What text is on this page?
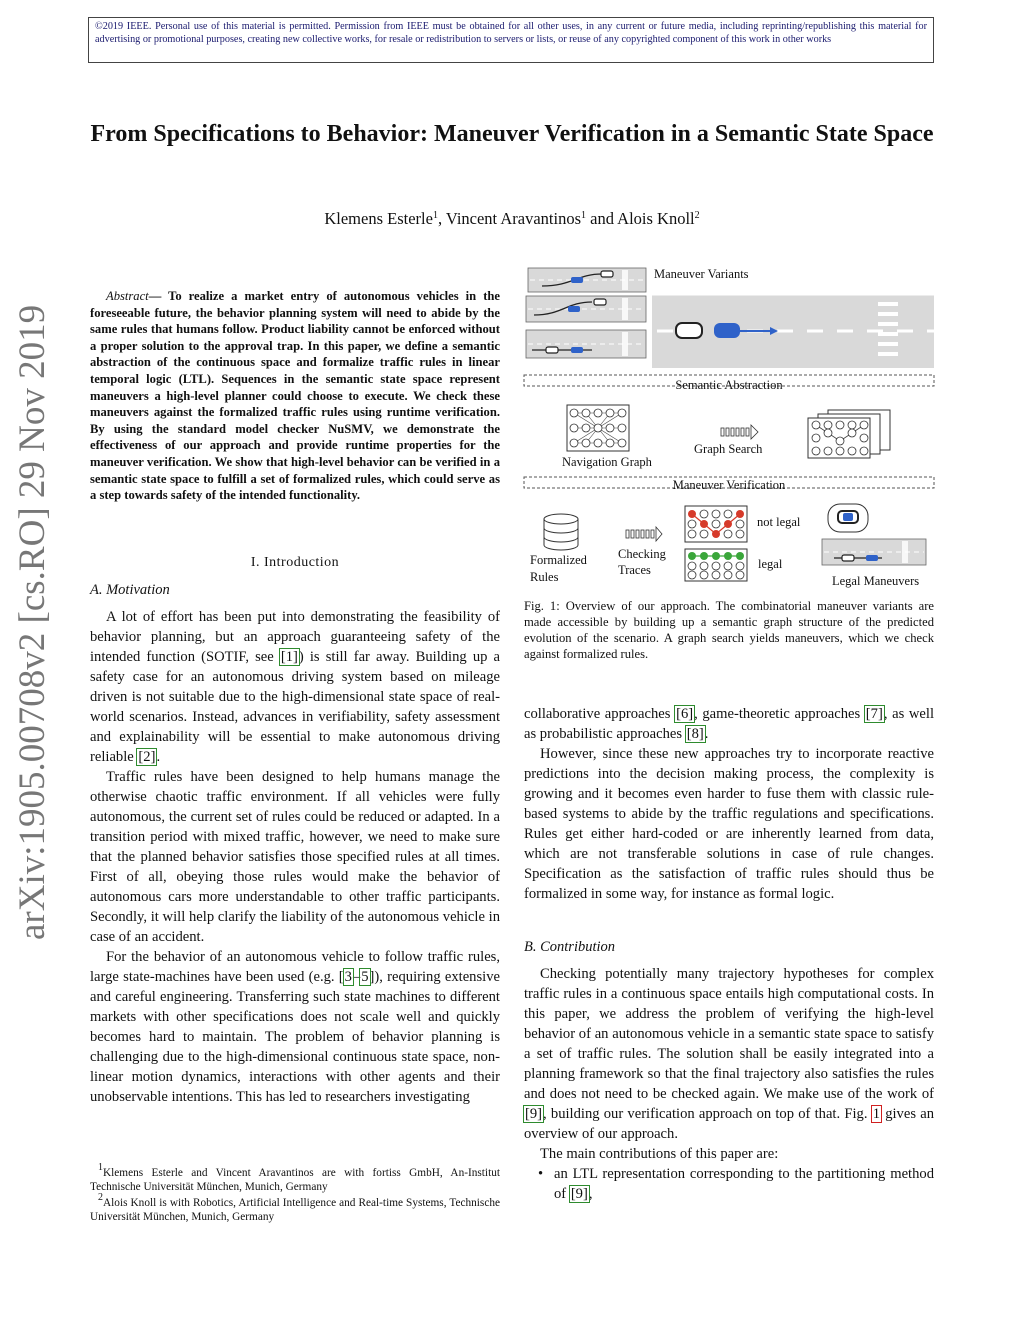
©2019 IEEE. Personal use of this material is permitted. Permission from IEEE must be obtained for all other uses, in any current or future media, including reprinting/republishing this material for advertising or promotional purposes, creating new collective works, for resale or redistribution to servers or lists, or reuse of any copyrighted component of this work in other works
arXiv:1905.00708v2 [cs.RO] 29 Nov 2019
From Specifications to Behavior: Maneuver Verification in a Semantic State Space
Klemens Esterle$^1$, Vincent Aravantinos$^1$ and Alois Knoll$^2$
Abstract— To realize a market entry of autonomous vehicles in the foreseeable future, the behavior planning system will need to abide by the same rules that humans follow. Product liability cannot be enforced without a proper solution to the approval trap. In this paper, we define a semantic abstraction of the continuous space and formalize traffic rules in linear temporal logic (LTL). Sequences in the semantic state space represent maneuvers a high-level planner could choose to execute. We check these maneuvers against the formalized traffic rules using runtime verification. By using the standard model checker NuSMV, we demonstrate the effectiveness of our approach and provide runtime properties for the maneuver verification. We show that high-level behavior can be verified in a semantic state space to fulfill a set of formalized rules, which could serve as a step towards safety of the intended functionality.
I. Introduction
A. Motivation

A lot of effort has been put into demonstrating the feasibility of behavior planning, but an approach guaranteeing safety of the intended function (SOTIF, see [1]) is still far away. Building up a safety case for an autonomous driving system based on mileage driven is not suitable due to the high-dimensional state space of real-world scenarios. Instead, advances in verifiability, safety assessment and explainability will be essential to make autonomous driving reliable [2].

Traffic rules have been designed to help humans manage the otherwise chaotic traffic environment. If all vehicles were fully autonomous, the current set of rules could be reduced or adapted. In a transition period with mixed traffic, however, we need to make sure that the planned behavior satisfies those specified rules at all times. First of all, obeying those rules would make the behavior of autonomous cars more understandable to other traffic participants. Secondly, it will help clarify the liability of the autonomous vehicle in case of an accident.

For the behavior of an autonomous vehicle to follow traffic rules, large state-machines have been used (e.g. [3–5]), requiring extensive and careful engineering. Transferring such state machines to different markets with other specifications does not scale well and quickly becomes hard to maintain. The problem of behavior planning is challenging due to the high-dimensional continuous state space, non-linear motion dynamics, interactions with other agents and their unobservable intentions. This has led to researchers investigating

$^1$Klemens Esterle and Vincent Aravantinos are with fortiss GmbH, An-Institut Technische Universität München, Munich, Germany

$^2$Alois Knoll is with Robotics, Artificial Intelligence and Real-time Systems, Technische Universität München, Munich, Germany

Maneuver Variants
Semantic Abstraction
Navigation Graph
Graph Search
Maneuver Verification
Formalized
Rules
Checking
Traces
not legal
legal
Legal Maneuvers
Fig. 1: Overview of our approach. The combinatorial maneuver variants are made accessible by building up a semantic graph structure of the predicted evolution of the scenario. A graph search yields maneuvers, which we check against formalized rules.

collaborative approaches [6], game-theoretic approaches [7], as well as probabilistic approaches [8].

However, since these new approaches try to incorporate reactive predictions into the decision making process, the complexity is growing and it becomes even harder to fuse them with classic rule-based systems to abide by the traffic regulations and specifications. Rules get either hard-coded or are inherently learned from data, which are not transferable solutions in case of rule changes. Specification as the satisfaction of traffic rules should thus be formalized in some way, for instance as formal logic.

B. Contribution

Checking potentially many trajectory hypotheses for complex traffic rules in a continuous space entails high computational costs. In this paper, we address the problem of verifying the high-level behavior of an autonomous vehicle in a semantic state space to satisfy a set of traffic rules. The solution shall be easily integrated into a planning framework so that the final trajectory also satisfies the rules and does not need to be checked again. We make use of the work of [9], building our verification approach on top of that. Fig. 1 gives an overview of our approach.

The main contributions of this paper are:

• an LTL representation corresponding to the partitioning method of [9],
